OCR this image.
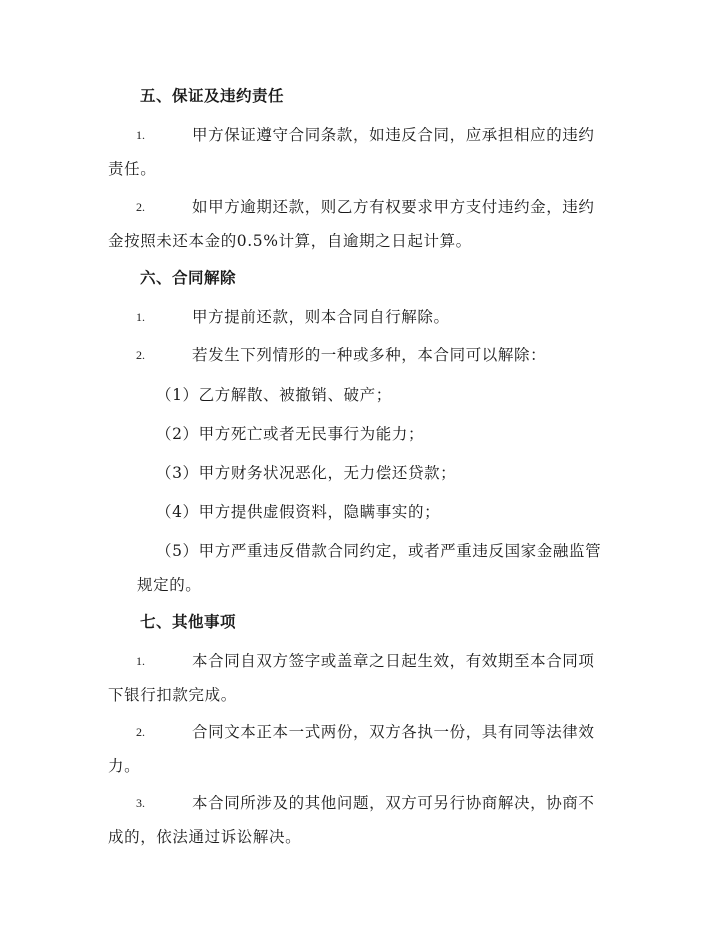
五、保证及违约责任
1.	甲方保证遵守合同条款，如违反合同，应承担相应的违约
责任。
2.	如甲方逾期还款，则乙方有权要求甲方支付违约金，违约
金按照未还本金的0.5%计算，自逾期之日起计算。
六、合同解除
1.	甲方提前还款，则本合同自行解除。
2.	若发生下列情形的一种或多种，本合同可以解除：
（1）乙方解散、被撤销、破产；
（2）甲方死亡或者无民事行为能力；
（3）甲方财务状况恶化，无力偿还贷款；
（4）甲方提供虚假资料，隐瞒事实的；
（5）甲方严重违反借款合同约定，或者严重违反国家金融监管
规定的。
七、其他事项
1.	本合同自双方签字或盖章之日起生效，有效期至本合同项
下银行扣款完成。
2.	合同文本正本一式两份，双方各执一份，具有同等法律效
力。
3.	本合同所涉及的其他问题，双方可另行协商解决，协商不
成的，依法通过诉讼解决。
